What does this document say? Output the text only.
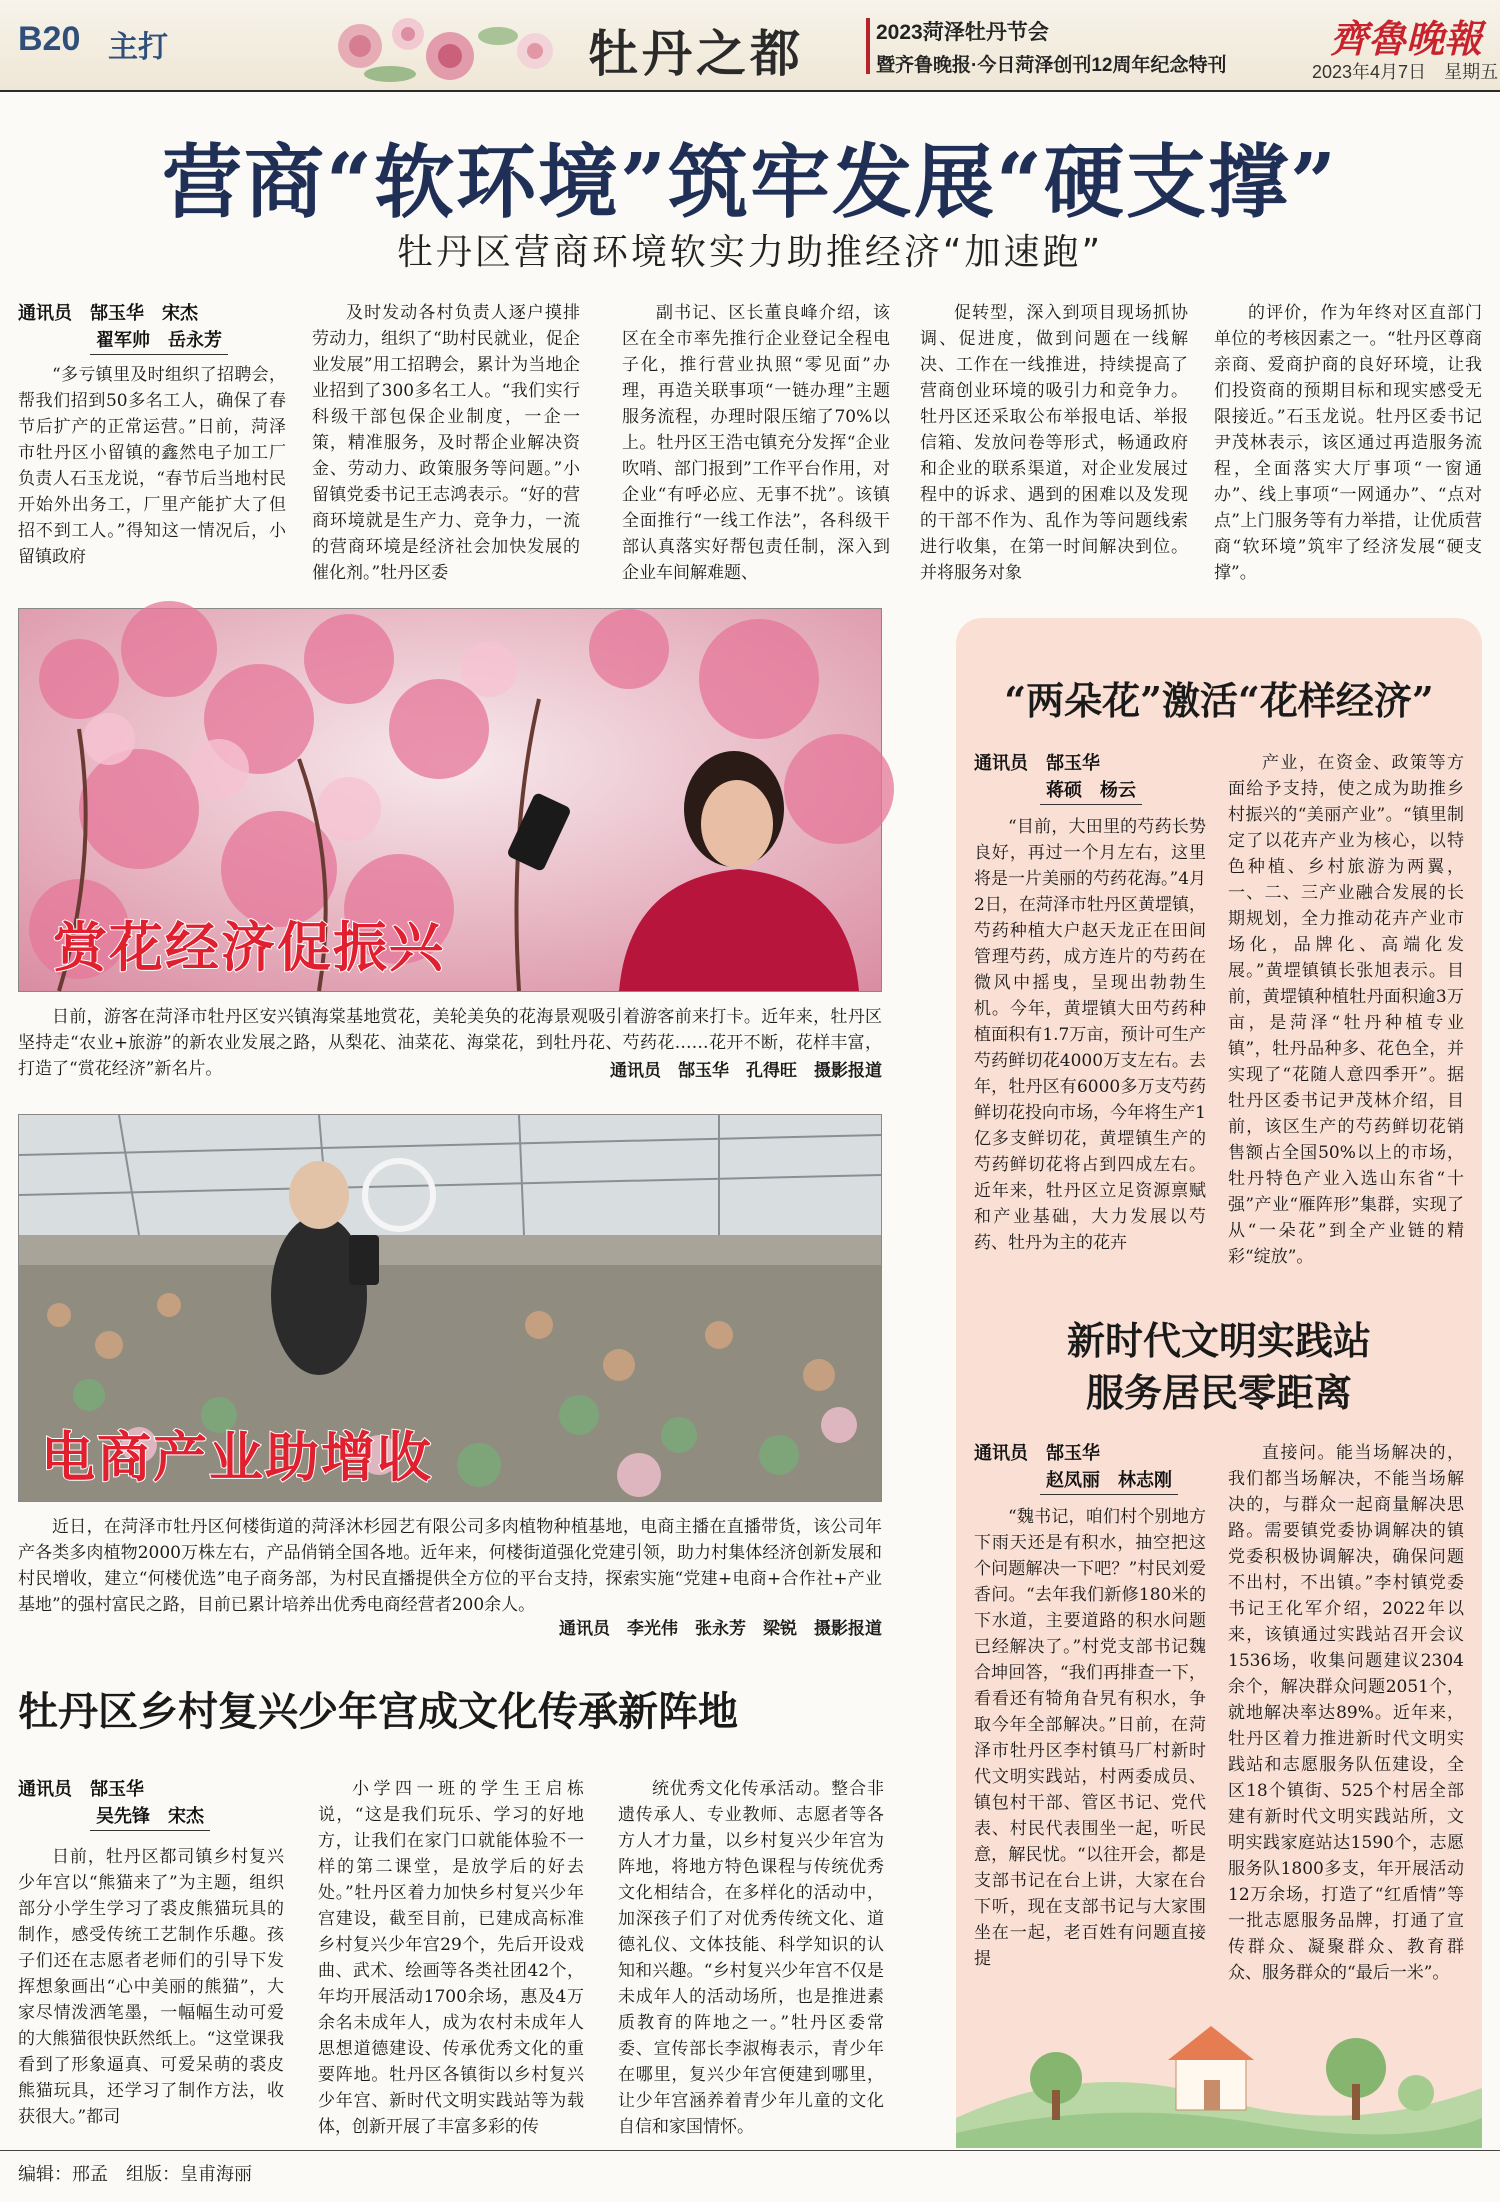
B20 主打	牡丹之都	2023菏泽牡丹节会
暨齐鲁晚报·今日菏泽创刊12周年纪念特刊
齊魯晚報
2023年4月7日　星期五
营商“软环境”筑牢发展“硬支撑”
牡丹区营商环境软实力助推经济“加速跑”
通讯员　郜玉华　宋杰
翟军帅　岳永芳

“多亏镇里及时组织了招聘会，帮我们招到50多名工人，确保了春节后扩产的正常运营。”日前，菏泽市牡丹区小留镇的鑫然电子加工厂负责人石玉龙说，“春节后当地村民开始外出务工，厂里产能扩大了但招不到工人。”得知这一情况后，小留镇政府

及时发动各村负责人逐户摸排劳动力，组织了“助村民就业，促企业发展”用工招聘会，累计为当地企业招到了300多名工人。“我们实行科级干部包保企业制度，一企一策，精准服务，及时帮企业解决资金、劳动力、政策服务等问题。”小留镇党委书记王志鸿表示。“好的营商环境就是生产力、竞争力，一流的营商环境是经济社会加快发展的催化剂。”牡丹区委

副书记、区长董良峰介绍，该区在全市率先推行企业登记全程电子化，推行营业执照“零见面”办理，再造关联事项“一链办理”主题服务流程，办理时限压缩了70%以上。牡丹区王浩屯镇充分发挥“企业吹哨、部门报到”工作平台作用，对企业“有呼必应、无事不扰”。该镇全面推行“一线工作法”，各科级干部认真落实好帮包责任制，深入到企业车间解难题、

促转型，深入到项目现场抓协调、促进度，做到问题在一线解决、工作在一线推进，持续提高了营商创业环境的吸引力和竞争力。牡丹区还采取公布举报电话、举报信箱、发放问卷等形式，畅通政府和企业的联系渠道，对企业发展过程中的诉求、遇到的困难以及发现的干部不作为、乱作为等问题线索进行收集，在第一时间解决到位。并将服务对象

的评价，作为年终对区直部门单位的考核因素之一。“牡丹区尊商亲商、爱商护商的良好环境，让我们投资商的预期目标和现实感受无限接近。”石玉龙说。牡丹区委书记尹茂林表示，该区通过再造服务流程，全面落实大厅事项“一窗通办”、线上事项“一网通办”、“点对点”上门服务等有力举措，让优质营商“软环境”筑牢了经济发展“硬支撑”。

赏花经济促振兴
日前，游客在菏泽市牡丹区安兴镇海棠基地赏花，美轮美奂的花海景观吸引着游客前来打卡。近年来，牡丹区坚持走“农业+旅游”的新农业发展之路，从梨花、油菜花、海棠花，到牡丹花、芍药花……花开不断，花样丰富，打造了“赏花经济”新名片。	通讯员　郜玉华　孔得旺　摄影报道
电商产业助增收
近日，在菏泽市牡丹区何楼街道的菏泽沐杉园艺有限公司多肉植物种植基地，电商主播在直播带货，该公司年产各类多肉植物2000万株左右，产品俏销全国各地。近年来，何楼街道强化党建引领，助力村集体经济创新发展和村民增收，建立“何楼优选”电子商务部，为村民直播提供全方位的平台支持，探索实施“党建+电商+合作社+产业基地”的强村富民之路，目前已累计培养出优秀电商经营者200余人。
通讯员　李光伟　张永芳　梁锐　摄影报道
牡丹区乡村复兴少年宫成文化传承新阵地
通讯员　郜玉华
吴先锋　宋杰

日前，牡丹区都司镇乡村复兴少年宫以“熊猫来了”为主题，组织部分小学生学习了裘皮熊猫玩具的制作，感受传统工艺制作乐趣。孩子们还在志愿者老师们的引导下发挥想象画出“心中美丽的熊猫”，大家尽情泼洒笔墨，一幅幅生动可爱的大熊猫很快跃然纸上。“这堂课我看到了形象逼真、可爱呆萌的裘皮熊猫玩具，还学习了制作方法，收获很大。”都司

小学四一班的学生王启栋说，“这是我们玩乐、学习的好地方，让我们在家门口就能体验不一样的第二课堂，是放学后的好去处。”牡丹区着力加快乡村复兴少年宫建设，截至目前，已建成高标准乡村复兴少年宫29个，先后开设戏曲、武术、绘画等各类社团42个，年均开展活动1700余场，惠及4万余名未成年人，成为农村未成年人思想道德建设、传承优秀文化的重要阵地。牡丹区各镇街以乡村复兴少年宫、新时代文明实践站等为载体，创新开展了丰富多彩的传

统优秀文化传承活动。整合非遗传承人、专业教师、志愿者等各方人才力量，以乡村复兴少年宫为阵地，将地方特色课程与传统优秀文化相结合，在多样化的活动中，加深孩子们了对优秀传统文化、道德礼仪、文体技能、科学知识的认知和兴趣。“乡村复兴少年宫不仅是未成年人的活动场所，也是推进素质教育的阵地之一。”牡丹区委常委、宣传部长李淑梅表示，青少年在哪里，复兴少年宫便建到哪里，让少年宫涵养着青少年儿童的文化自信和家国情怀。

“两朵花”激活“花样经济”
通讯员　郜玉华
蒋硕　杨云

“目前，大田里的芍药长势良好，再过一个月左右，这里将是一片美丽的芍药花海。”4月2日，在菏泽市牡丹区黄堽镇，芍药种植大户赵天龙正在田间管理芍药，成方连片的芍药在微风中摇曳，呈现出勃勃生机。今年，黄堽镇大田芍药种植面积有1.7万亩，预计可生产芍药鲜切花4000万支左右。去年，牡丹区有6000多万支芍药鲜切花投向市场，今年将生产1亿多支鲜切花，黄堽镇生产的芍药鲜切花将占到四成左右。近年来，牡丹区立足资源禀赋和产业基础，大力发展以芍药、牡丹为主的花卉

产业，在资金、政策等方面给予支持，使之成为助推乡村振兴的“美丽产业”。“镇里制定了以花卉产业为核心，以特色种植、乡村旅游为两翼，一、二、三产业融合发展的长期规划，全力推动花卉产业市场化，品牌化、高端化发展。”黄堽镇镇长张旭表示。目前，黄堽镇种植牡丹面积逾3万亩，是菏泽“牡丹种植专业镇”，牡丹品种多、花色全，并实现了“花随人意四季开”。据牡丹区委书记尹茂林介绍，目前，该区生产的芍药鲜切花销售额占全国50%以上的市场，牡丹特色产业入选山东省“十强”产业“雁阵形”集群，实现了从“一朵花”到全产业链的精彩“绽放”。

新时代文明实践站
服务居民零距离
通讯员　郜玉华
赵凤丽　林志刚

“魏书记，咱们村个别地方下雨天还是有积水，抽空把这个问题解决一下吧？”村民刘爱香问。“去年我们新修180米的下水道，主要道路的积水问题已经解决了。”村党支部书记魏合坤回答，“我们再排查一下，看看还有犄角旮旯有积水，争取今年全部解决。”日前，在菏泽市牡丹区李村镇马厂村新时代文明实践站，村两委成员、镇包村干部、管区书记、党代表、村民代表围坐一起，听民意，解民忧。“以往开会，都是支部书记在台上讲，大家在台下听，现在支部书记与大家围坐在一起，老百姓有问题直接提

直接问。能当场解决的，我们都当场解决，不能当场解决的，与群众一起商量解决思路。需要镇党委协调解决的镇党委积极协调解决，确保问题不出村，不出镇。”李村镇党委书记王化军介绍，2022年以来，该镇通过实践站召开会议1536场，收集问题建议2304余个，解决群众问题2051个，就地解决率达89%。近年来，牡丹区着力推进新时代文明实践站和志愿服务队伍建设，全区18个镇街、525个村居全部建有新时代文明实践站所，文明实践家庭站达1590个，志愿服务队1800多支，年开展活动12万余场，打造了“红盾情”等一批志愿服务品牌，打通了宣传群众、凝聚群众、教育群众、服务群众的“最后一米”。

编辑：邢孟　组版：皇甫海丽
